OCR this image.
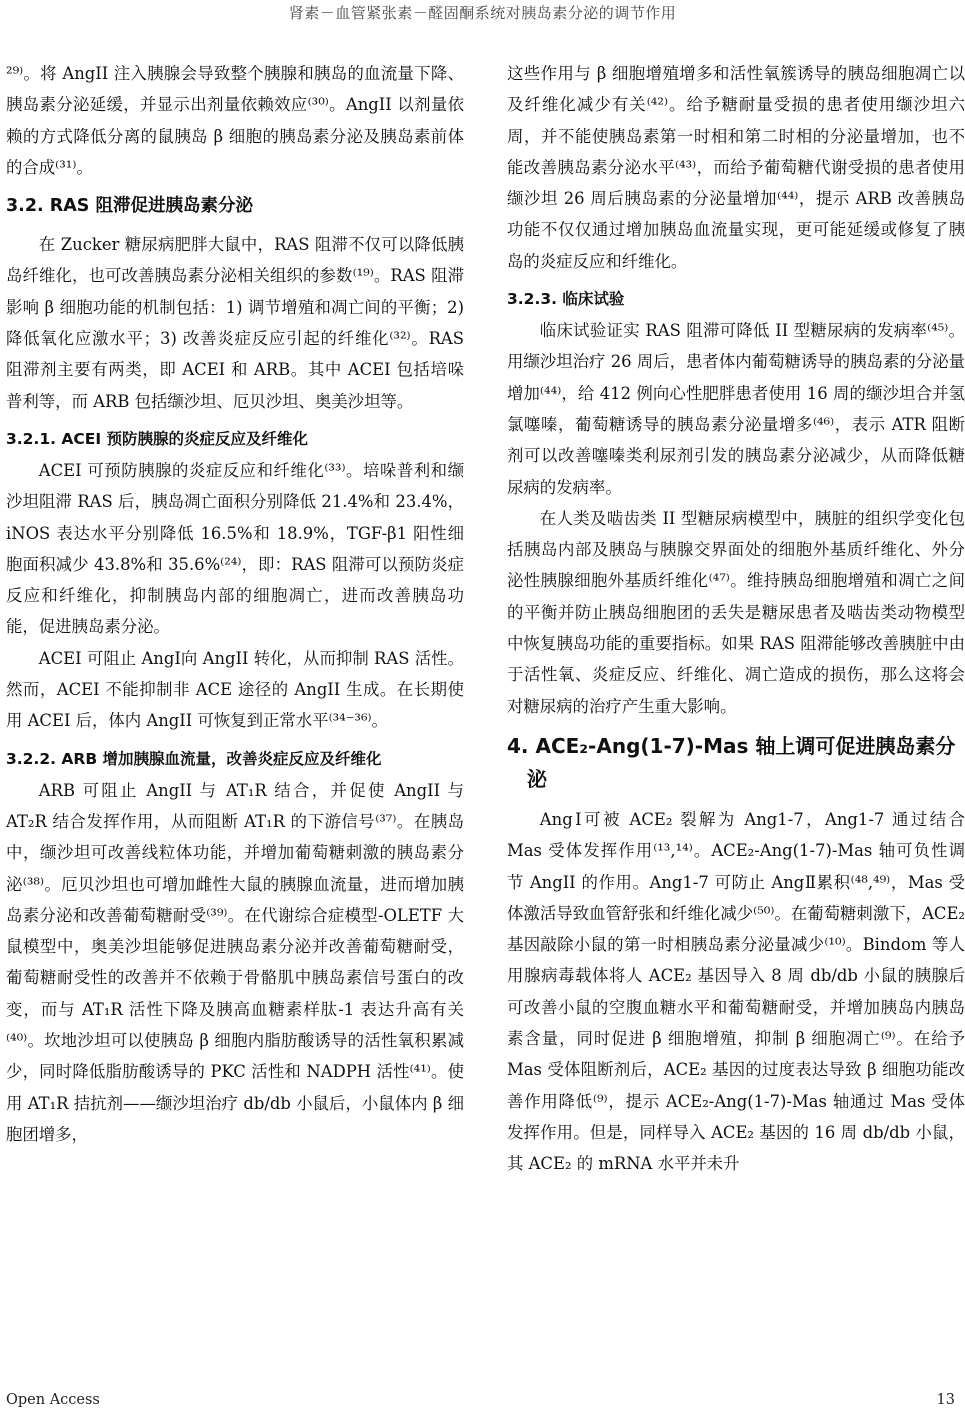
肾素－血管紧张素－醛固酮系统对胰岛素分泌的调节作用

²⁹⁾。将 AngII 注入胰腺会导致整个胰腺和胰岛的血流量下降、胰岛素分泌延缓，并显示出剂量依赖效应⁽³⁰⁾。AngII 以剂量依赖的方式降低分离的鼠胰岛 β 细胞的胰岛素分泌及胰岛素前体的合成⁽³¹⁾。

3.2. RAS 阻滞促进胰岛素分泌

在 Zucker 糖尿病肥胖大鼠中，RAS 阻滞不仅可以降低胰岛纤维化，也可改善胰岛素分泌相关组织的参数⁽¹⁹⁾。RAS 阻滞影响 β 细胞功能的机制包括：1) 调节增殖和凋亡间的平衡；2) 降低氧化应激水平；3) 改善炎症反应引起的纤维化⁽³²⁾。RAS 阻滞剂主要有两类，即 ACEI 和 ARB。其中 ACEI 包括培哚普利等，而 ARB 包括缬沙坦、厄贝沙坦、奥美沙坦等。

3.2.1. ACEI 预防胰腺的炎症反应及纤维化

ACEI 可预防胰腺的炎症反应和纤维化⁽³³⁾。培哚普利和缬沙坦阻滞 RAS 后，胰岛凋亡面积分别降低 21.4%和 23.4%，iNOS 表达水平分别降低 16.5%和 18.9%，TGF-β1 阳性细胞面积减少 43.8%和 35.6%⁽²⁴⁾，即：RAS 阻滞可以预防炎症反应和纤维化，抑制胰岛内部的细胞凋亡，进而改善胰岛功能，促进胰岛素分泌。

ACEI 可阻止 AngⅠ向 AngII 转化，从而抑制 RAS 活性。然而，ACEI 不能抑制非 ACE 途径的 AngII 生成。在长期使用 ACEI 后，体内 AngII 可恢复到正常水平⁽³⁴⁻³⁶⁾。

3.2.2. ARB 增加胰腺血流量，改善炎症反应及纤维化

ARB 可阻止 AngII 与 AT₁R 结合，并促使 AngII 与 AT₂R 结合发挥作用，从而阻断 AT₁R 的下游信号⁽³⁷⁾。在胰岛中，缬沙坦可改善线粒体功能，并增加葡萄糖刺激的胰岛素分泌⁽³⁸⁾。厄贝沙坦也可增加雌性大鼠的胰腺血流量，进而增加胰岛素分泌和改善葡萄糖耐受⁽³⁹⁾。在代谢综合症模型-OLETF 大鼠模型中，奥美沙坦能够促进胰岛素分泌并改善葡萄糖耐受，葡萄糖耐受性的改善并不依赖于骨骼肌中胰岛素信号蛋白的改变，而与 AT₁R 活性下降及胰高血糖素样肽-1 表达升高有关⁽⁴⁰⁾。坎地沙坦可以使胰岛 β 细胞内脂肪酸诱导的活性氧积累减少，同时降低脂肪酸诱导的 PKC 活性和 NADPH 活性⁽⁴¹⁾。使用 AT₁R 拮抗剂——缬沙坦治疗 db/db 小鼠后，小鼠体内 β 细胞团增多，

这些作用与 β 细胞增殖增多和活性氧簇诱导的胰岛细胞凋亡以及纤维化减少有关⁽⁴²⁾。给予糖耐量受损的患者使用缬沙坦六周，并不能使胰岛素第一时相和第二时相的分泌量增加，也不能改善胰岛素分泌水平⁽⁴³⁾，而给予葡萄糖代谢受损的患者使用缬沙坦 26 周后胰岛素的分泌量增加⁽⁴⁴⁾，提示 ARB 改善胰岛功能不仅仅通过增加胰岛血流量实现，更可能延缓或修复了胰岛的炎症反应和纤维化。

3.2.3. 临床试验

临床试验证实 RAS 阻滞可降低 II 型糖尿病的发病率⁽⁴⁵⁾。用缬沙坦治疗 26 周后，患者体内葡萄糖诱导的胰岛素的分泌量增加⁽⁴⁴⁾，给 412 例向心性肥胖患者使用 16 周的缬沙坦合并氢氯噻嗪，葡萄糖诱导的胰岛素分泌量增多⁽⁴⁶⁾，表示 ATR 阻断剂可以改善噻嗪类利尿剂引发的胰岛素分泌减少，从而降低糖尿病的发病率。

在人类及啮齿类 II 型糖尿病模型中，胰脏的组织学变化包括胰岛内部及胰岛与胰腺交界面处的细胞外基质纤维化、外分泌性胰腺细胞外基质纤维化⁽⁴⁷⁾。维持胰岛细胞增殖和凋亡之间的平衡并防止胰岛细胞团的丢失是糖尿患者及啮齿类动物模型中恢复胰岛功能的重要指标。如果 RAS 阻滞能够改善胰脏中由于活性氧、炎症反应、纤维化、凋亡造成的损伤，那么这将会对糖尿病的治疗产生重大影响。

4. ACE₂-Ang(1-7)-Mas 轴上调可促进胰岛素分泌

AngⅠ可被 ACE₂ 裂解为 Ang1-7，Ang1-7 通过结合 Mas 受体发挥作用⁽¹³,¹⁴⁾。ACE₂-Ang(1-7)-Mas 轴可负性调节 AngII 的作用。Ang1-7 可防止 AngⅡ累积⁽⁴⁸,⁴⁹⁾，Mas 受体激活导致血管舒张和纤维化减少⁽⁵⁰⁾。在葡萄糖刺激下，ACE₂ 基因敲除小鼠的第一时相胰岛素分泌量减少⁽¹⁰⁾。Bindom 等人用腺病毒载体将人 ACE₂ 基因导入 8 周 db/db 小鼠的胰腺后可改善小鼠的空腹血糖水平和葡萄糖耐受，并增加胰岛内胰岛素含量，同时促进 β 细胞增殖，抑制 β 细胞凋亡⁽⁹⁾。在给予 Mas 受体阻断剂后，ACE₂ 基因的过度表达导致 β 细胞功能改善作用降低⁽⁹⁾，提示 ACE₂-Ang(1-7)-Mas 轴通过 Mas 受体发挥作用。但是，同样导入 ACE₂ 基因的 16 周 db/db 小鼠，其 ACE₂ 的 mRNA 水平并未升

Open Access	13
